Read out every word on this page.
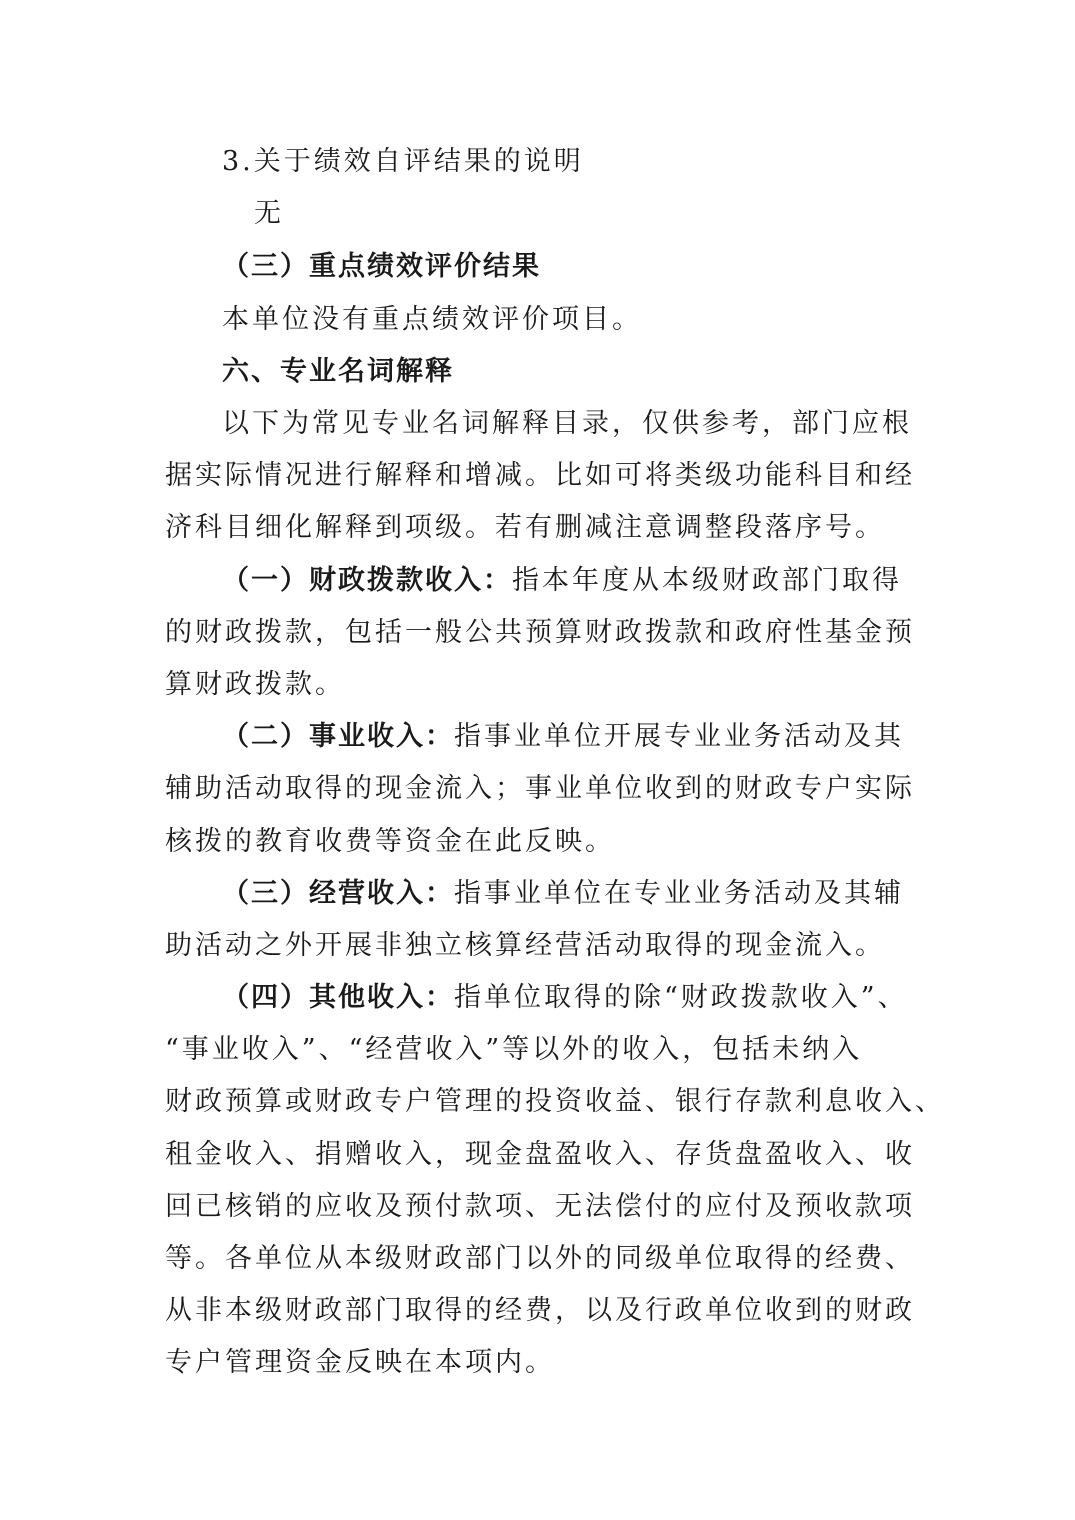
3.关于绩效自评结果的说明
无
（三）重点绩效评价结果
本单位没有重点绩效评价项目。
六、专业名词解释
以下为常见专业名词解释目录，仅供参考，部门应根
据实际情况进行解释和增减。比如可将类级功能科目和经
济科目细化解释到项级。若有删减注意调整段落序号。
（一）财政拨款收入：指本年度从本级财政部门取得
的财政拨款，包括一般公共预算财政拨款和政府性基金预
算财政拨款。
（二）事业收入：指事业单位开展专业业务活动及其
辅助活动取得的现金流入；事业单位收到的财政专户实际
核拨的教育收费等资金在此反映。
（三）经营收入：指事业单位在专业业务活动及其辅
助活动之外开展非独立核算经营活动取得的现金流入。
（四）其他收入：指单位取得的除“财政拨款收入”、
“事业收入”、“经营收入”等以外的收入，包括未纳入
财政预算或财政专户管理的投资收益、银行存款利息收入、
租金收入、捐赠收入，现金盘盈收入、存货盘盈收入、收
回已核销的应收及预付款项、无法偿付的应付及预收款项
等。各单位从本级财政部门以外的同级单位取得的经费、
从非本级财政部门取得的经费，以及行政单位收到的财政
专户管理资金反映在本项内。
